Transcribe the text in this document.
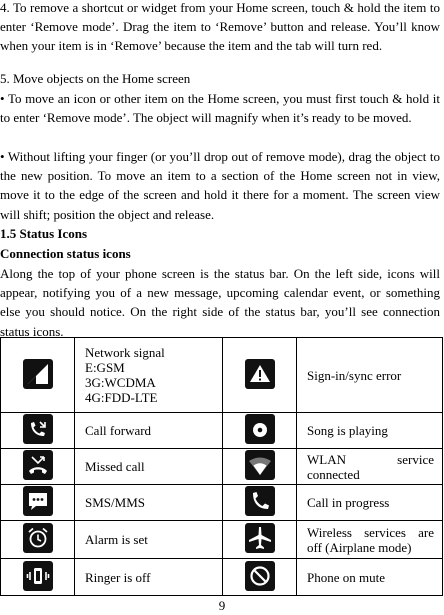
4. To remove a shortcut or widget from your Home screen, touch & hold the item to enter ‘Remove mode’. Drag the item to ‘Remove’ button and release. You’ll know when your item is in ‘Remove’ because the item and the tab will turn red.

5. Move objects on the Home screen

• To move an icon or other item on the Home screen, you must first touch & hold it to enter ‘Remove mode’. The object will magnify when it’s ready to be moved.

• Without lifting your finger (or you’ll drop out of remove mode), drag the object to the new position. To move an item to a section of the Home screen not in view, move it to the edge of the screen and hold it there for a moment. The screen view will shift; position the object and release.

1.5 Status Icons

Connection status icons

Along the top of your phone screen is the status bar. On the left side, icons will appear, notifying you of a new message, upcoming calendar event, or something else you should notice. On the right side of the status bar, you’ll see connection status icons.

Network signal
E:GSM
3G:WCDMA
4G:FDD-LTE		Sign-in/sync error
	Call forward		Song is playing
	Missed call		WLAN service connected

	SMS/MMS		Call in progress
	Alarm is set		Wireless services are off (Airplane mode)

	Ringer is off		Phone on mute
9
